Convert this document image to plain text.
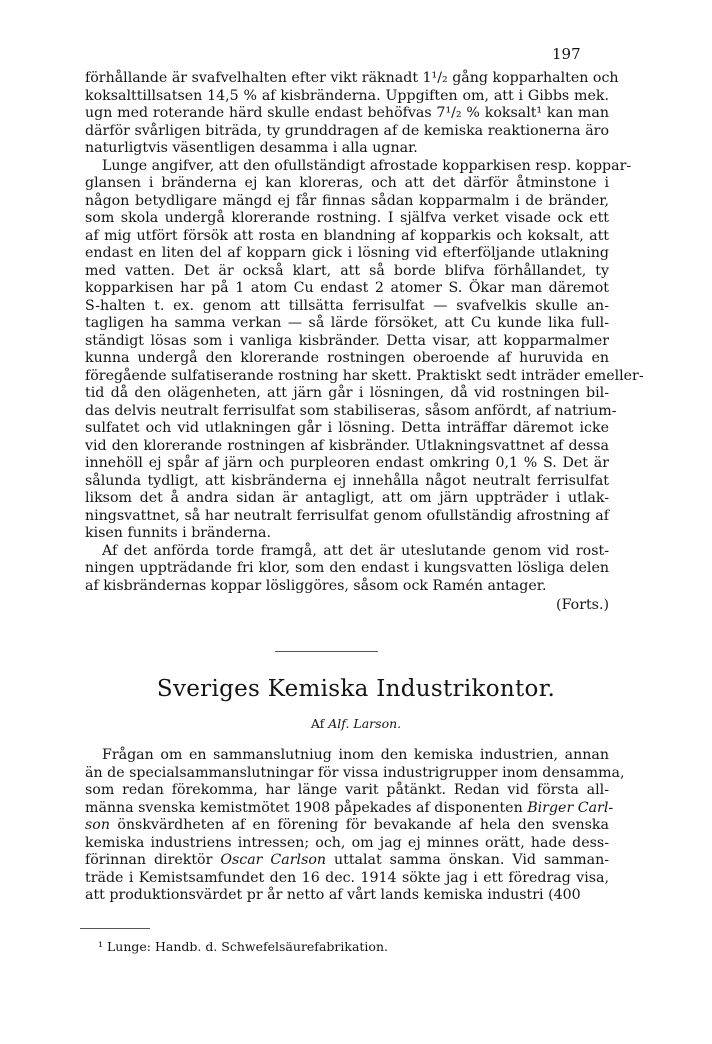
197
förhållande är svafvelhalten efter vikt räknadt 1¹/₂ gång kopparhalten och
koksalttillsatsen 14,5 % af kisbränderna. Uppgiften om, att i Gibbs mek.
ugn med roterande härd skulle endast behöfvas 7¹/₂ % koksalt¹ kan man
därför svårligen biträda, ty grunddragen af de kemiska reaktionerna äro
naturligtvis väsentligen desamma i alla ugnar.
Lunge angifver, att den ofullständigt afrostade kopparkisen resp. koppar-
glansen i bränderna ej kan kloreras, och att det därför åtminstone i
någon betydligare mängd ej får finnas sådan kopparmalm i de bränder,
som skola undergå klorerande rostning. I själfva verket visade ock ett
af mig utfört försök att rosta en blandning af kopparkis och koksalt, att
endast en liten del af kopparn gick i lösning vid efterföljande utlakning
med vatten. Det är också klart, att så borde blifva förhållandet, ty
kopparkisen har på 1 atom Cu endast 2 atomer S. Ökar man däremot
S-halten t. ex. genom att tillsätta ferrisulfat — svafvelkis skulle an-
tagligen ha samma verkan — så lärde försöket, att Cu kunde lika full-
ständigt lösas som i vanliga kisbränder. Detta visar, att kopparmalmer
kunna undergå den klorerande rostningen oberoende af huruvida en
föregående sulfatiserande rostning har skett. Praktiskt sedt inträder emeller-
tid då den olägenheten, att järn går i lösningen, då vid rostningen bil-
das delvis neutralt ferrisulfat som stabiliseras, såsom anfördt, af natrium-
sulfatet och vid utlakningen går i lösning. Detta inträffar däremot icke
vid den klorerande rostningen af kisbränder. Utlakningsvattnet af dessa
innehöll ej spår af järn och purpleoren endast omkring 0,1 % S. Det är
sålunda tydligt, att kisbränderna ej innehålla något neutralt ferrisulfat
liksom det å andra sidan är antagligt, att om järn uppträder i utlak-
ningsvattnet, så har neutralt ferrisulfat genom ofullständig afrostning af
kisen funnits i bränderna.
Af det anförda torde framgå, att det är uteslutande genom vid rost-
ningen uppträdande fri klor, som den endast i kungsvatten lösliga delen
af kisbrändernas koppar lösliggöres, såsom ock Ramén antager.
(Forts.)
Sveriges Kemiska Industrikontor.
Af Alf. Larson.
Frågan om en sammanslutniug inom den kemiska industrien, annan
än de specialsammanslutningar för vissa industrigrupper inom densamma,
som redan förekomma, har länge varit påtänkt. Redan vid första all-
männa svenska kemistmötet 1908 påpekades af disponenten Birger Carl-
son önskvärdheten af en förening för bevakande af hela den svenska
kemiska industriens intressen; och, om jag ej minnes orätt, hade dess-
förinnan direktör Oscar Carlson uttalat samma önskan. Vid samman-
träde i Kemistsamfundet den 16 dec. 1914 sökte jag i ett föredrag visa,
att produktionsvärdet pr år netto af vårt lands kemiska industri (400
¹ Lunge: Handb. d. Schwefelsäurefabrikation.
